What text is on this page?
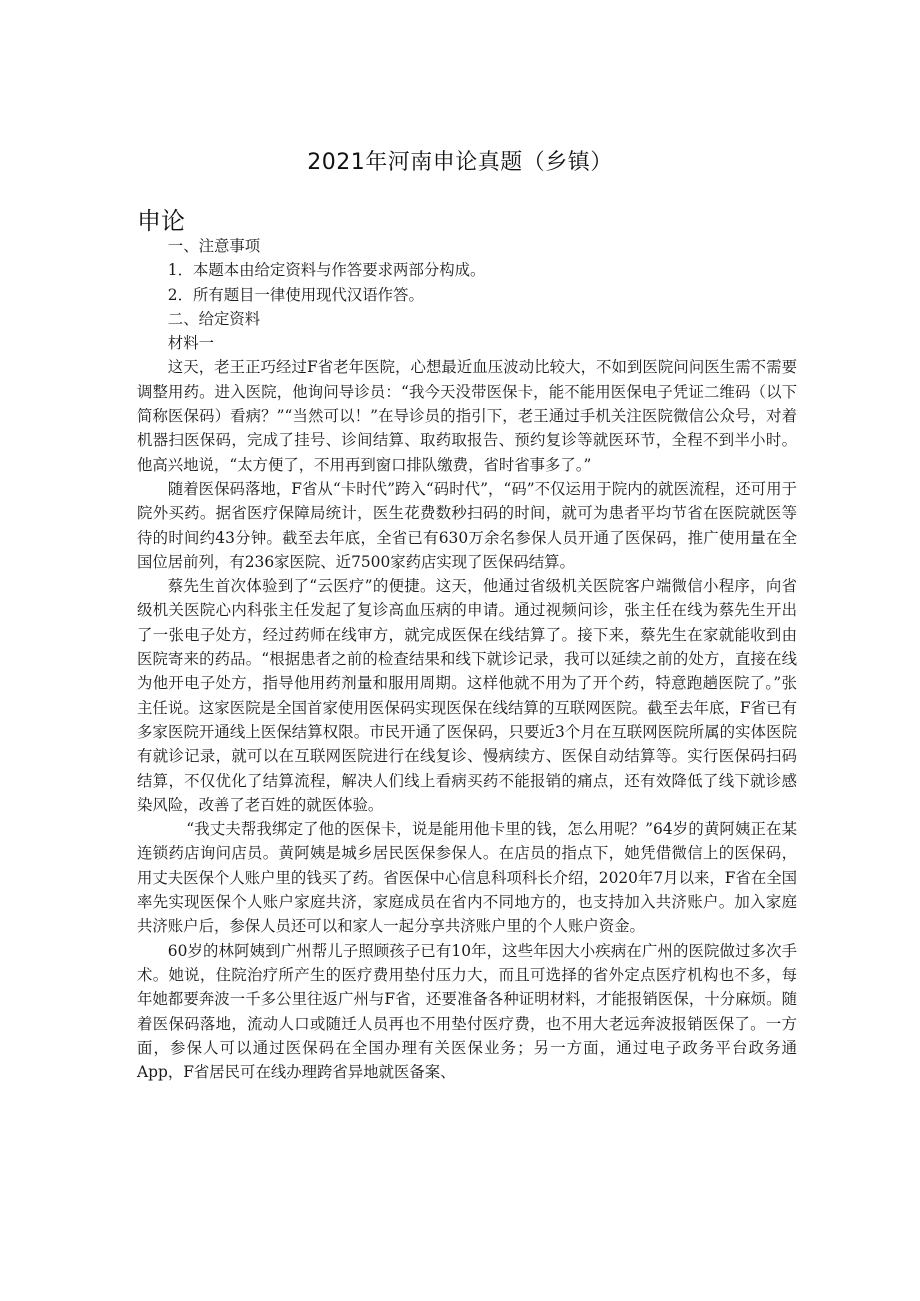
2021年河南申论真题（乡镇）
申论

一、注意事项

1．本题本由给定资料与作答要求两部分构成。

2．所有题目一律使用现代汉语作答。

二、给定资料

材料一

这天，老王正巧经过F省老年医院，心想最近血压波动比较大，不如到医院问问医生需不需要调整用药。进入医院，他询问导诊员：“我今天没带医保卡，能不能用医保电子凭证二维码（以下简称医保码）看病？”“当然可以！”在导诊员的指引下，老王通过手机关注医院微信公众号，对着机器扫医保码，完成了挂号、诊间结算、取药取报告、预约复诊等就医环节，全程不到半小时。他高兴地说，“太方便了，不用再到窗口排队缴费，省时省事多了。”

随着医保码落地，F省从“卡时代”跨入“码时代”，“码”不仅运用于院内的就医流程，还可用于院外买药。据省医疗保障局统计，医生花费数秒扫码的时间，就可为患者平均节省在医院就医等待的时间约43分钟。截至去年底，全省已有630万余名参保人员开通了医保码，推广使用量在全国位居前列，有236家医院、近7500家药店实现了医保码结算。

蔡先生首次体验到了“云医疗”的便捷。这天，他通过省级机关医院客户端微信小程序，向省级机关医院心内科张主任发起了复诊高血压病的申请。通过视频问诊，张主任在线为蔡先生开出了一张电子处方，经过药师在线审方，就完成医保在线结算了。接下来，蔡先生在家就能收到由医院寄来的药品。“根据患者之前的检查结果和线下就诊记录，我可以延续之前的处方，直接在线为他开电子处方，指导他用药剂量和服用周期。这样他就不用为了开个药，特意跑趟医院了。”张主任说。这家医院是全国首家使用医保码实现医保在线结算的互联网医院。截至去年底，F省已有多家医院开通线上医保结算权限。市民开通了医保码，只要近3个月在互联网医院所属的实体医院有就诊记录，就可以在互联网医院进行在线复诊、慢病续方、医保自动结算等。实行医保码扫码结算，不仅优化了结算流程，解决人们线上看病买药不能报销的痛点，还有效降低了线下就诊感染风险，改善了老百姓的就医体验。

“我丈夫帮我绑定了他的医保卡，说是能用他卡里的钱，怎么用呢？”64岁的黄阿姨正在某连锁药店询问店员。黄阿姨是城乡居民医保参保人。在店员的指点下，她凭借微信上的医保码，用丈夫医保个人账户里的钱买了药。省医保中心信息科项科长介绍，2020年7月以来，F省在全国率先实现医保个人账户家庭共济，家庭成员在省内不同地方的，也支持加入共济账户。加入家庭共济账户后，参保人员还可以和家人一起分享共济账户里的个人账户资金。

60岁的林阿姨到广州帮儿子照顾孩子已有10年，这些年因大小疾病在广州的医院做过多次手术。她说，住院治疗所产生的医疗费用垫付压力大，而且可选择的省外定点医疗机构也不多，每年她都要奔波一千多公里往返广州与F省，还要准备各种证明材料，才能报销医保，十分麻烦。随着医保码落地，流动人口或随迁人员再也不用垫付医疗费，也不用大老远奔波报销医保了。一方面，参保人可以通过医保码在全国办理有关医保业务；另一方面，通过电子政务平台政务通App，F省居民可在线办理跨省异地就医备案、
